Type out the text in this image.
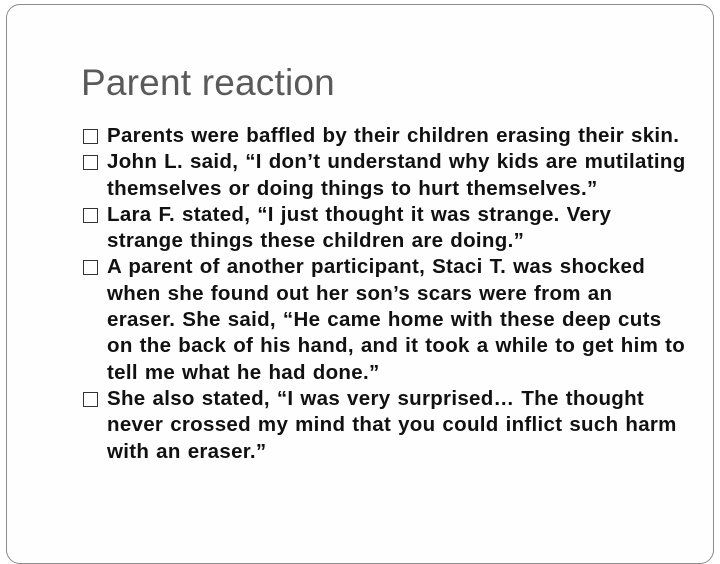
Parent reaction
Parents were baffled by their children erasing their skin.
John L. said, “I don’t understand why kids are mutilating themselves or doing things to hurt themselves.”
Lara F. stated, “I just thought it was strange. Very strange things these children are doing.”
A parent of another participant, Staci T. was shocked when she found out her son’s scars were from an eraser. She said, “He came home with these deep cuts on the back of his hand, and it took a while to get him to tell me what he had done.”
She also stated, “I was very surprised… The thought never crossed my mind that you could inflict such harm with an eraser.”
